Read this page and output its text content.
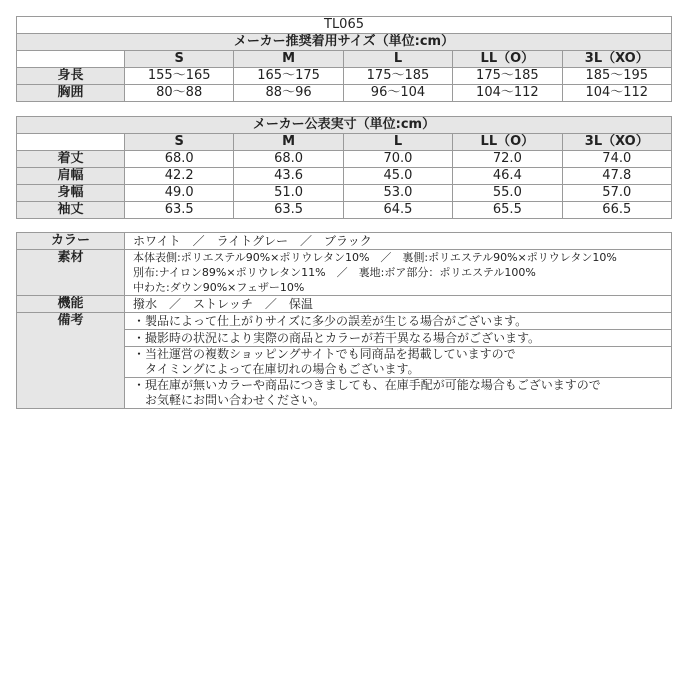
TL065					
メーカー推奨着用サイズ（単位:cm）					
	S	M	L	LL（O）	3L（XO）
身長	155〜165	165〜175	175〜185	175〜185	185〜195
胸囲	80〜88	88〜96	96〜104	104〜112	104〜112
メーカー公表実寸（単位:cm）					
	S	M	L	LL（O）	3L（XO）
着丈	68.0	68.0	70.0	72.0	74.0
肩幅	42.2	43.6	45.0	46.4	47.8
身幅	49.0	51.0	53.0	55.0	57.0
袖丈	63.5	63.5	64.5	65.5	66.5
カラー	ホワイト　／　ライトグレー　／　ブラック
素材	本体表側:ポリエステル90%×ポリウレタン10%　／　裏側:ポリエステル90%×ポリウレタン10%
別布:ナイロン89%×ポリウレタン11%　／　裏地:ボア部分：ポリエステル100%
中わた:ダウン90%×フェザー10%

機能	撥水　／　ストレッチ　／　保温
備考	・製品によって仕上がりサイズに多少の誤差が生じる場合がございます。

	・撮影時の状況により実際の商品とカラーが若干異なる場合がございます。

	・当社運営の複数ショッピングサイトでも同商品を掲載していますので
　タイミングによって在庫切れの場合もございます。

	・現在庫が無いカラーや商品につきましても、在庫手配が可能な場合もございますので
　お気軽にお問い合わせください。
